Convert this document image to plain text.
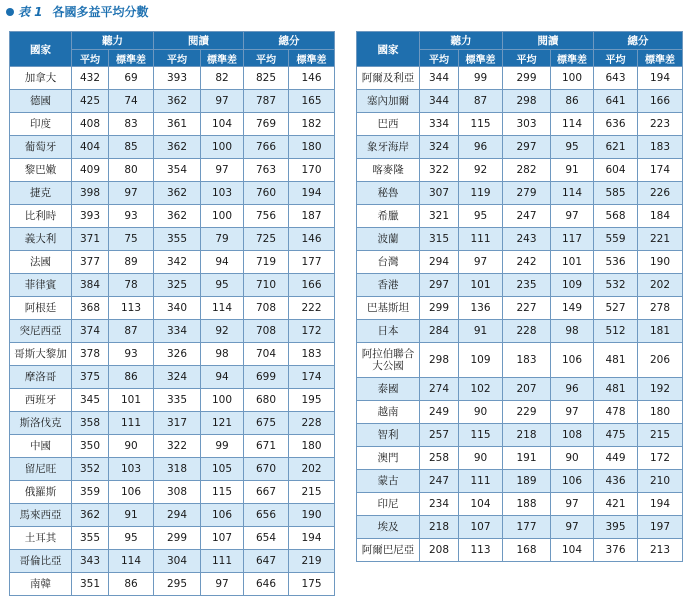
表 1 各國多益平均分數
國家	聽力		閱讀		總分	
	平均	標準差	平均	標準差	平均	標準差
加拿大	432	69	393	82	825	146
德國	425	74	362	97	787	165
印度	408	83	361	104	769	182
葡萄牙	404	85	362	100	766	180
黎巴嫩	409	80	354	97	763	170
捷克	398	97	362	103	760	194
比利時	393	93	362	100	756	187
義大利	371	75	355	79	725	146
法國	377	89	342	94	719	177
菲律賓	384	78	325	95	710	166
阿根廷	368	113	340	114	708	222
突尼西亞	374	87	334	92	708	172
哥斯大黎加	378	93	326	98	704	183
摩洛哥	375	86	324	94	699	174
西班牙	345	101	335	100	680	195
斯洛伐克	358	111	317	121	675	228
中國	350	90	322	99	671	180
留尼旺	352	103	318	105	670	202
俄羅斯	359	106	308	115	667	215
馬來西亞	362	91	294	106	656	190
土耳其	355	95	299	107	654	194
哥倫比亞	343	114	304	111	647	219
南韓	351	86	295	97	646	175
國家	聽力		閱讀		總分	
	平均	標準差	平均	標準差	平均	標準差
阿爾及利亞	344	99	299	100	643	194
塞內加爾	344	87	298	86	641	166
巴西	334	115	303	114	636	223
象牙海岸	324	96	297	95	621	183
喀麥隆	322	92	282	91	604	174
秘魯	307	119	279	114	585	226
希臘	321	95	247	97	568	184
波蘭	315	111	243	117	559	221
台灣	294	97	242	101	536	190
香港	297	101	235	109	532	202
巴基斯坦	299	136	227	149	527	278
日本	284	91	228	98	512	181
阿拉伯聯合大公國	298	109	183	106	481	206
泰國	274	102	207	96	481	192
越南	249	90	229	97	478	180
智利	257	115	218	108	475	215
澳門	258	90	191	90	449	172
蒙古	247	111	189	106	436	210
印尼	234	104	188	97	421	194
埃及	218	107	177	97	395	197
阿爾巴尼亞	208	113	168	104	376	213
